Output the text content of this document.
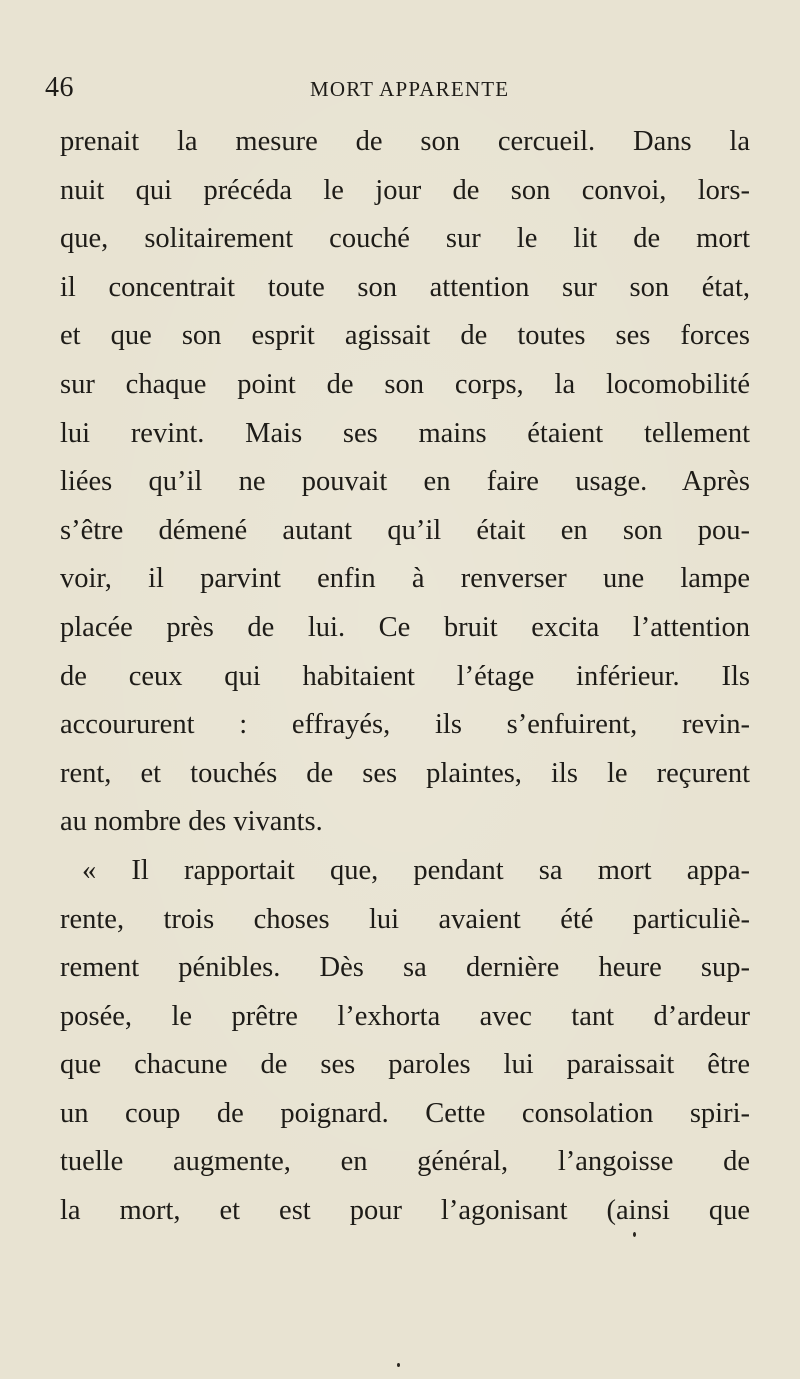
46	MORT APPARENTE
prenait la mesure de son cercueil. Dans la
nuit qui précéda le jour de son convoi, lors-
que, solitairement couché sur le lit de mort
il concentrait toute son attention sur son état,
et que son esprit agissait de toutes ses forces
sur chaque point de son corps, la locomobilité
lui revint. Mais ses mains étaient tellement
liées qu’il ne pouvait en faire usage. Après
s’être démené autant qu’il était en son pou-
voir, il parvint enfin à renverser une lampe
placée près de lui. Ce bruit excita l’attention
de ceux qui habitaient l’étage inférieur. Ils
accoururent : effrayés, ils s’enfuirent, revin-
rent, et touchés de ses plaintes, ils le reçurent
au nombre des vivants.
« Il rapportait que, pendant sa mort appa-
rente, trois choses lui avaient été particuliè-
rement pénibles. Dès sa dernière heure sup-
posée, le prêtre l’exhorta avec tant d’ardeur
que chacune de ses paroles lui paraissait être
un coup de poignard. Cette consolation spiri-
tuelle augmente, en général, l’angoisse de
la mort, et est pour l’agonisant (ainsi que
